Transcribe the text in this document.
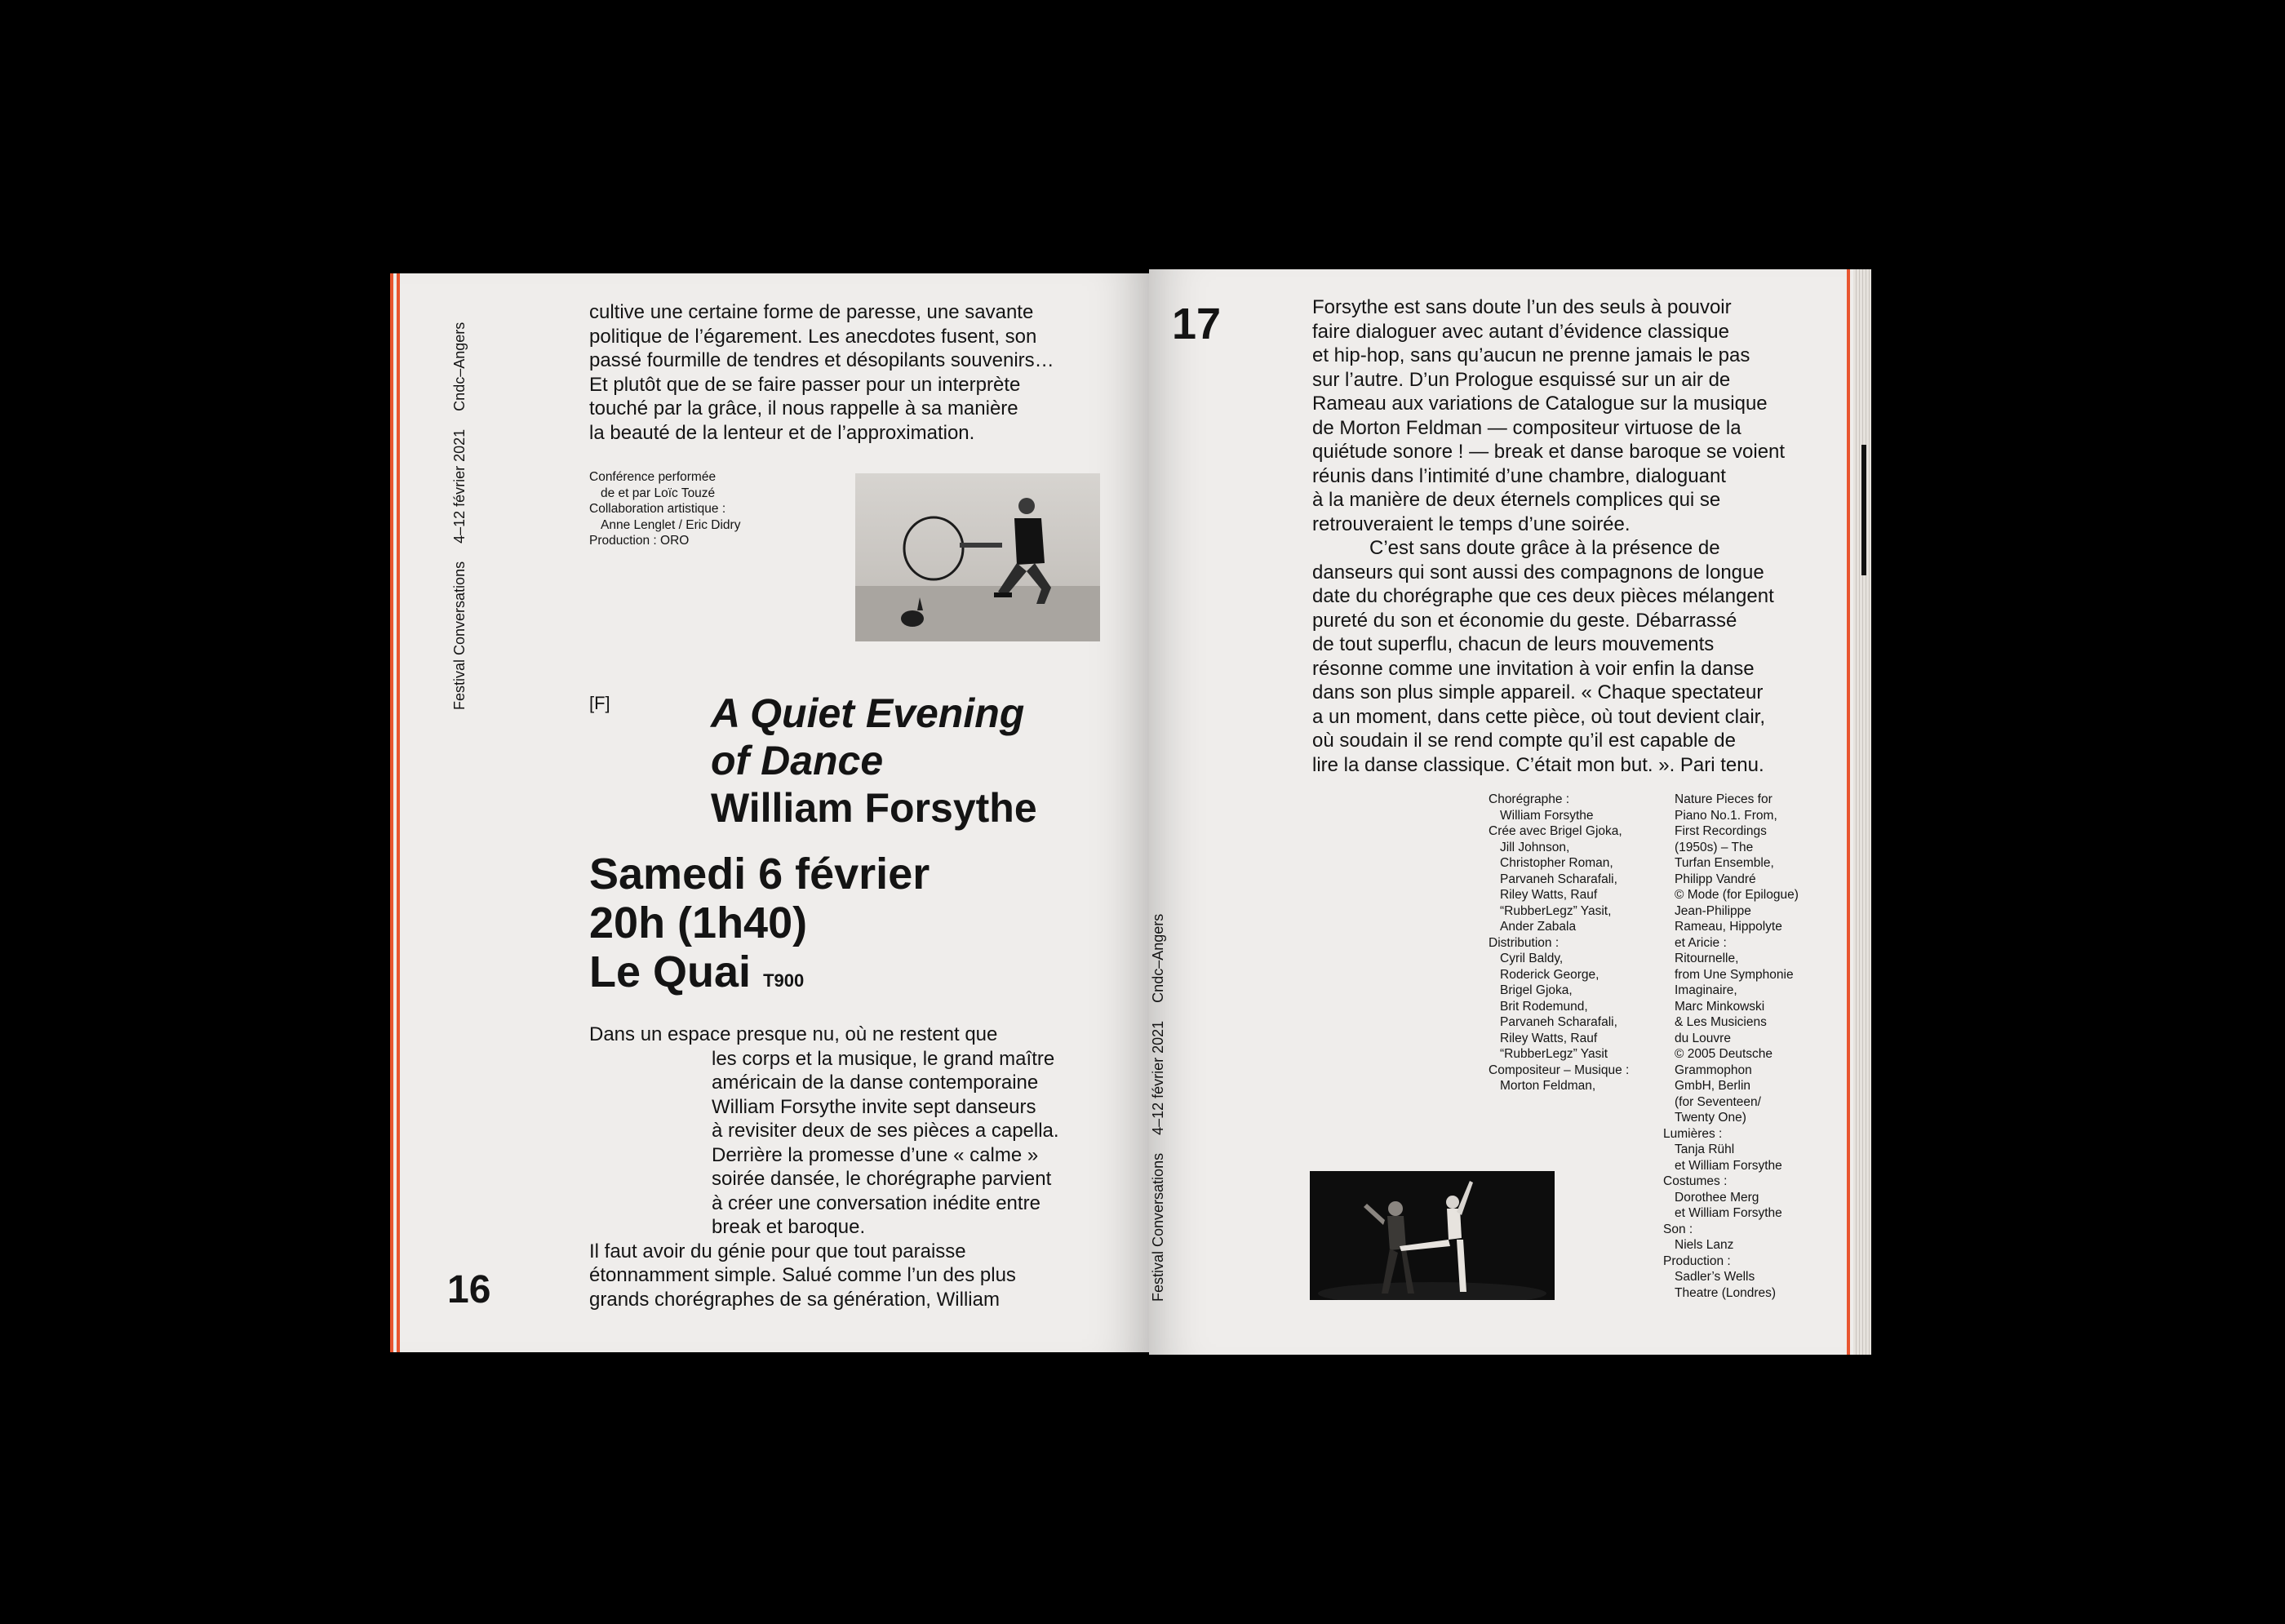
Festival Conversations4–12 février 2021Cndc–Angers

cultive une certaine forme de paresse, une savante

politique de l’égarement. Les anecdotes fusent, son

passé fourmille de tendres et désopilants souvenirs…

Et plutôt que de se faire passer pour un interprète

touché par la grâce, il nous rappelle à sa manière

la beauté de la lenteur et de l’approximation.

Conférence performée
de et par Loïc Touzé
Collaboration artistique :
Anne Lenglet / Eric Didry
Production : ORO
[F] A Quiet Evening
of Dance
William Forsythe
Samedi 6 février
20h (1h40)
Le Quai T900

Dans un espace presque nu, où ne restent que

les corps et la musique, le grand maître

américain de la danse contemporaine

William Forsythe invite sept danseurs

à revisiter deux de ses pièces a capella.

Derrière la promesse d’une « calme »

soirée dansée, le chorégraphe parvient

à créer une conversation inédite entre

break et baroque.

Il faut avoir du génie pour que tout paraisse

étonnamment simple. Salué comme l’un des plus

grands chorégraphes de sa génération, William

16
17	Forsythe est sans doute l’un des seuls à pouvoir

faire dialoguer avec autant d’évidence classique

et hip-hop, sans qu’aucun ne prenne jamais le pas

sur l’autre. D’un Prologue esquissé sur un air de

Rameau aux variations de Catalogue sur la musique

de Morton Feldman — compositeur virtuose de la

quiétude sonore ! — break et danse baroque se voient

réunis dans l’intimité d’une chambre, dialoguant

à la manière de deux éternels complices qui se

retrouveraient le temps d’une soirée.

C’est sans doute grâce à la présence de

danseurs qui sont aussi des compagnons de longue

date du chorégraphe que ces deux pièces mélangent

pureté du son et économie du geste. Débarrassé

de tout superflu, chacun de leurs mouvements

résonne comme une invitation à voir enfin la danse

dans son plus simple appareil. « Chaque spectateur

a un moment, dans cette pièce, où tout devient clair,

où soudain il se rend compte qu’il est capable de

lire la danse classique. C’était mon but. ». Pari tenu.

Festival Conversations4–12 février 2021Cndc–Angers
Chorégraphe :
William Forsythe
Crée avec Brigel Gjoka,
Jill Johnson,
Christopher Roman,
Parvaneh Scharafali,
Riley Watts, Rauf
“RubberLegz” Yasit,
Ander Zabala
Distribution :
Cyril Baldy,
Roderick George,
Brigel Gjoka,
Brit Rodemund,
Parvaneh Scharafali,
Riley Watts, Rauf
“RubberLegz” Yasit
Compositeur – Musique :
Morton Feldman,
Nature Pieces for
Piano No.1. From,
First Recordings
(1950s) – The
Turfan Ensemble,
Philipp Vandré
© Mode (for Epilogue)
Jean-Philippe
Rameau, Hippolyte
et Aricie :
Ritournelle,
from Une Symphonie
Imaginaire,
Marc Minkowski
& Les Musiciens
du Louvre
© 2005 Deutsche
Grammophon
GmbH, Berlin
(for Seventeen/
Twenty One)
Lumières :
Tanja Rühl
et William Forsythe
Costumes :
Dorothee Merg
et William Forsythe
Son :
Niels Lanz
Production :
Sadler’s Wells
Theatre (Londres)
